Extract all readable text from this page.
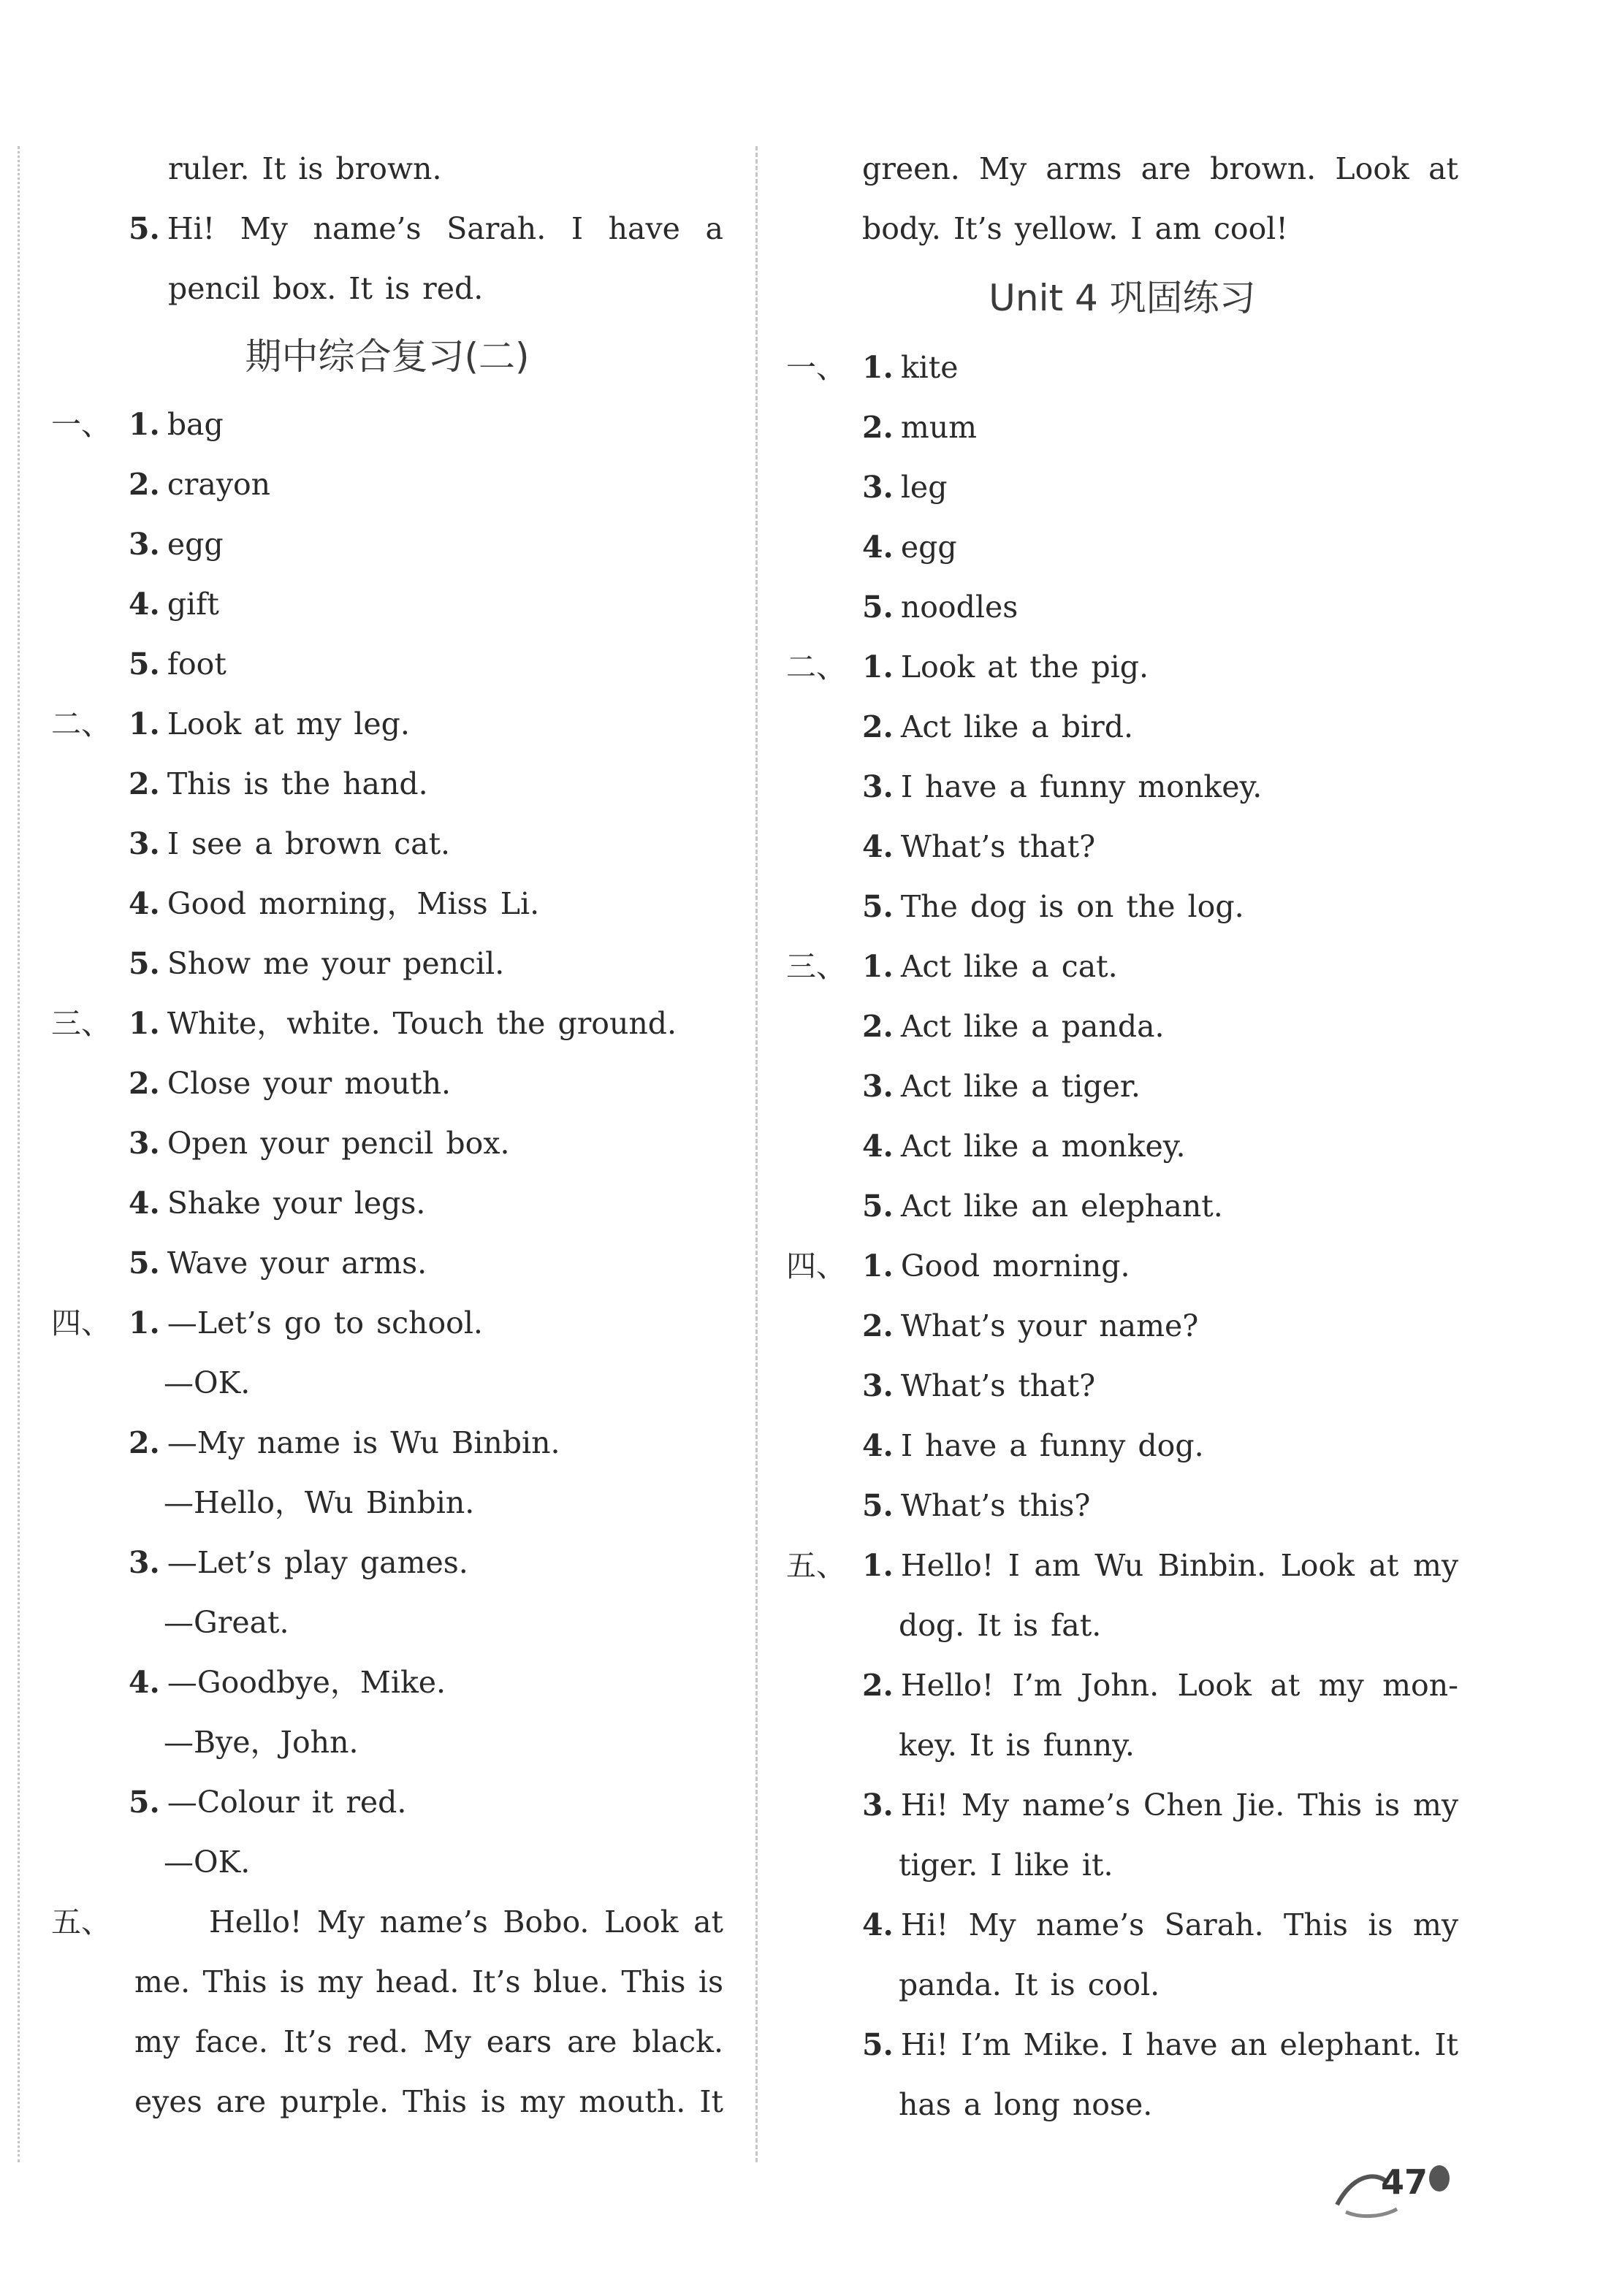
ruler. It is brown.
5. Hi! My name’s Sarah. I have a
pencil box. It is red.
期中综合复习(二)
一、 1. bag
2. crayon
3. egg
4. gift
5. foot
二、 1. Look at my leg.
2. This is the hand.
3. I see a brown cat.
4. Good morning，Miss Li.
5. Show me your pencil.
三、 1. White，white. Touch the ground.
2. Close your mouth.
3. Open your pencil box.
4. Shake your legs.
5. Wave your arms.
四、 1. —Let’s go to school.
—OK.
2. —My name is Wu Binbin.
—Hello，Wu Binbin.
3. —Let’s play games.
—Great.
4. —Goodbye，Mike.
—Bye，John.
5. —Colour it red.
—OK.
五、	Hello! My name’s Bobo. Look at
me. This is my head. It’s blue. This is
my face. It’s red. My ears are black.
eyes are purple. This is my mouth. It
green. My arms are brown. Look at
body. It’s yellow. I am cool!
Unit 4 巩固练习
一、 1. kite
2. mum
3. leg
4. egg
5. noodles
二、 1. Look at the pig.
2. Act like a bird.
3. I have a funny monkey.
4. What’s that?
5. The dog is on the log.
三、 1. Act like a cat.
2. Act like a panda.
3. Act like a tiger.
4. Act like a monkey.
5. Act like an elephant.
四、 1. Good morning.
2. What’s your name?
3. What’s that?
4. I have a funny dog.
5. What’s this?
五、 1. Hello! I am Wu Binbin. Look at my
dog. It is fat.
2. Hello! I’m John. Look at my mon-
key. It is funny.
3. Hi! My name’s Chen Jie. This is my
tiger. I like it.
4. Hi! My name’s Sarah. This is my
panda. It is cool.
5. Hi! I’m Mike. I have an elephant. It
has a long nose.
47
